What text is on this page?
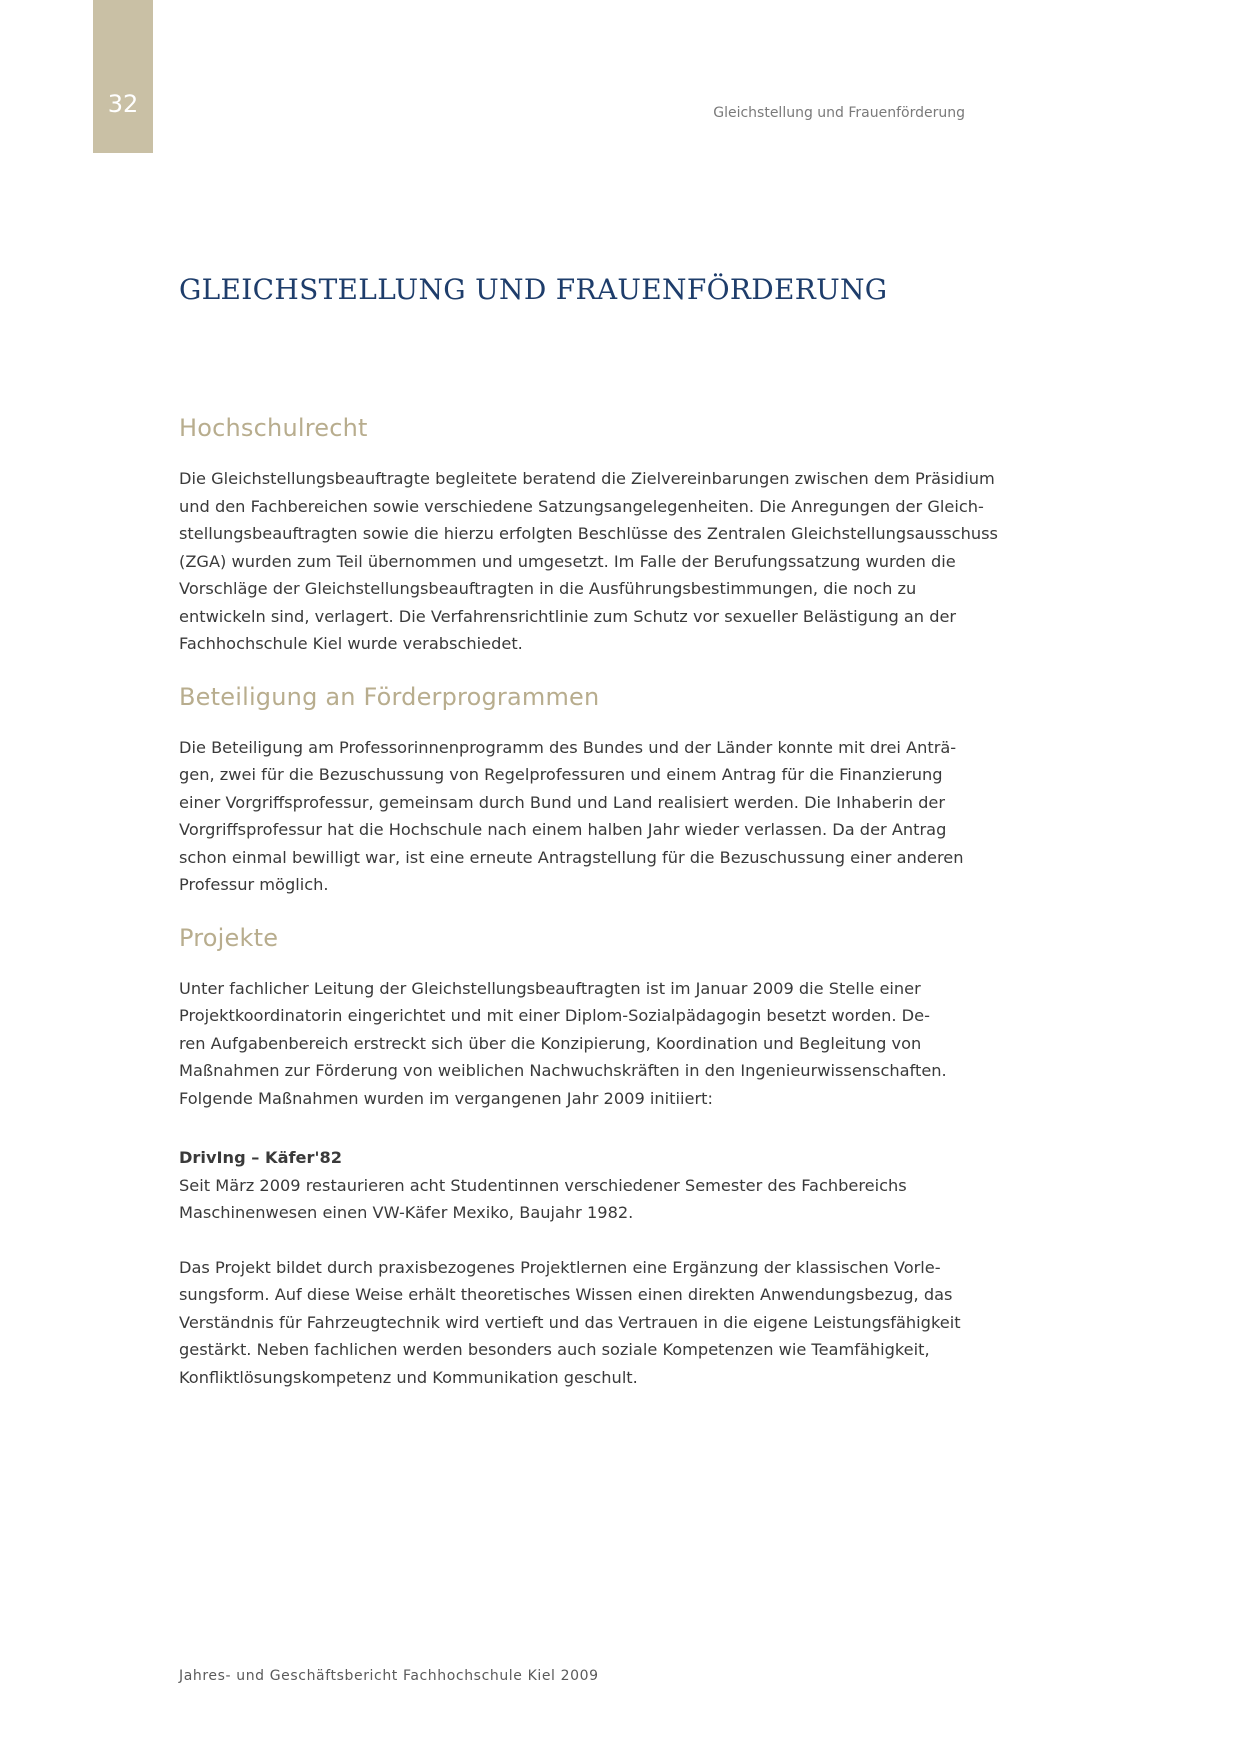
32	Gleichstellung und Frauenförderung
GLEICHSTELLUNG UND FRAUENFÖRDERUNG
Hochschulrecht

Die Gleichstellungsbeauftragte begleitete beratend die Zielvereinbarungen zwischen dem Präsidium
und den Fachbereichen sowie verschiedene Satzungsangelegenheiten. Die Anregungen der Gleich-
stellungsbeauftragten sowie die hierzu erfolgten Beschlüsse des Zentralen Gleichstellungsausschuss
(ZGA) wurden zum Teil übernommen und umgesetzt. Im Falle der Berufungssatzung wurden die
Vorschläge der Gleichstellungsbeauftragten in die Ausführungsbestimmungen, die noch zu
entwickeln sind, verlagert. Die Verfahrensrichtlinie zum Schutz vor sexueller Belästigung an der
Fachhochschule Kiel wurde verabschiedet.

Beteiligung an Förderprogrammen

Die Beteiligung am Professorinnenprogramm des Bundes und der Länder konnte mit drei Anträ-
gen, zwei für die Bezuschussung von Regelprofessuren und einem Antrag für die Finanzierung
einer Vorgriffsprofessur, gemeinsam durch Bund und Land realisiert werden. Die Inhaberin der
Vorgriffsprofessur hat die Hochschule nach einem halben Jahr wieder verlassen. Da der Antrag
schon einmal bewilligt war, ist eine erneute Antragstellung für die Bezuschussung einer anderen
Professur möglich.

Projekte

Unter fachlicher Leitung der Gleichstellungsbeauftragten ist im Januar 2009 die Stelle einer
Projektkoordinatorin eingerichtet und mit einer Diplom-Sozialpädagogin besetzt worden. De-
ren Aufgabenbereich erstreckt sich über die Konzipierung, Koordination und Begleitung von
Maßnahmen zur Förderung von weiblichen Nachwuchskräften in den Ingenieurwissenschaften.
Folgende Maßnahmen wurden im vergangenen Jahr 2009 initiiert:

DrivIng – Käfer'82

Seit März 2009 restaurieren acht Studentinnen verschiedener Semester des Fachbereichs
Maschinenwesen einen VW-Käfer Mexiko, Baujahr 1982.

Das Projekt bildet durch praxisbezogenes Projektlernen eine Ergänzung der klassischen Vorle-
sungsform. Auf diese Weise erhält theoretisches Wissen einen direkten Anwendungsbezug, das
Verständnis für Fahrzeugtechnik wird vertieft und das Vertrauen in die eigene Leistungsfähigkeit
gestärkt. Neben fachlichen werden besonders auch soziale Kompetenzen wie Teamfähigkeit,
Konfliktlösungskompetenz und Kommunikation geschult.

Jahres- und Geschäftsbericht Fachhochschule Kiel 2009
